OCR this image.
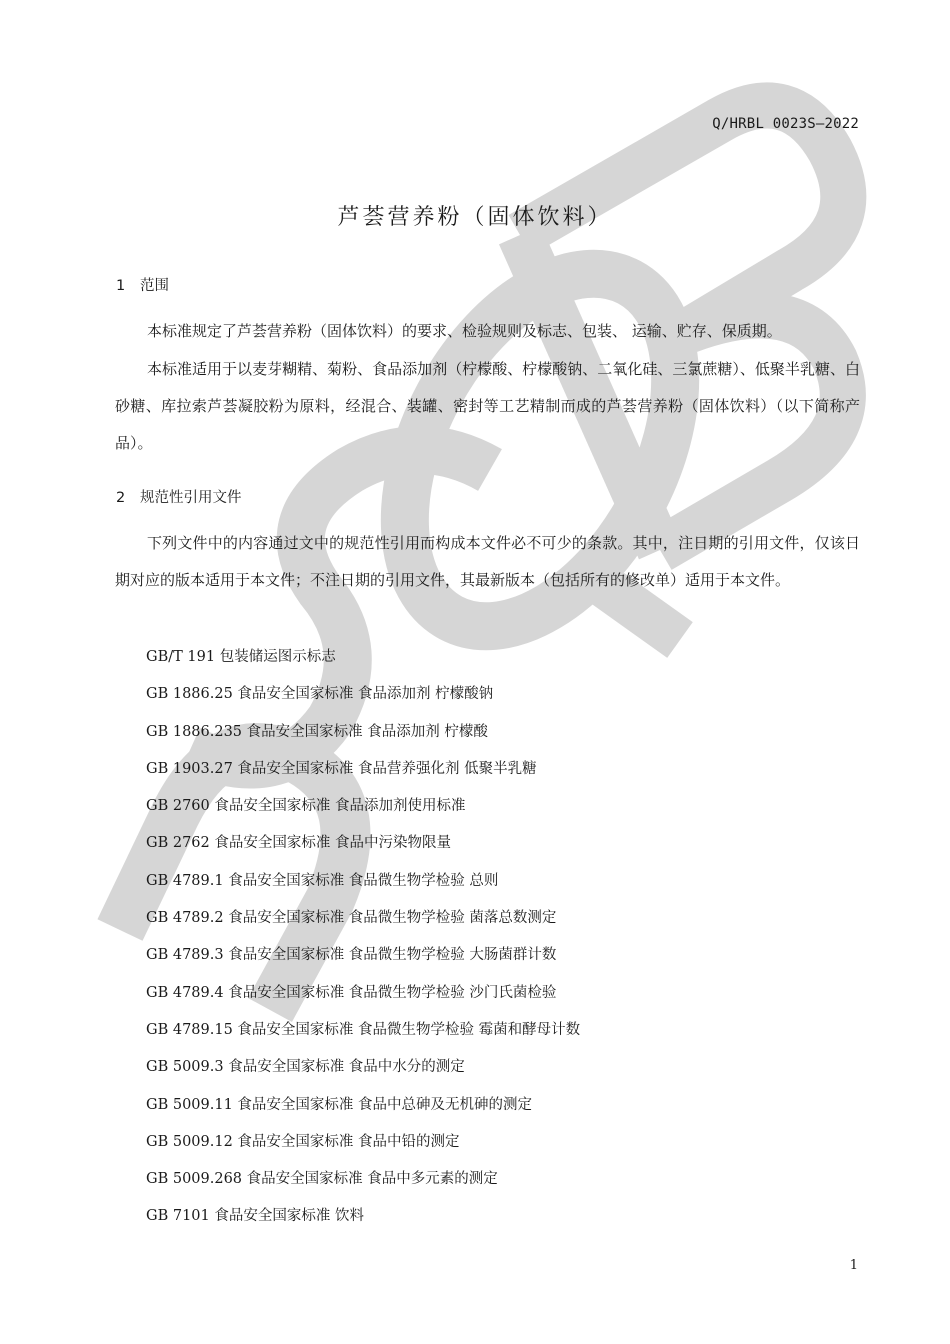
Q/HRBL 0023S—2022
芦荟营养粉（固体饮料）
1 范围

本标准规定了芦荟营养粉（固体饮料）的要求、检验规则及标志、包装、 运输、贮存、保质期。

本标准适用于以麦芽糊精、菊粉、食品添加剂（柠檬酸、柠檬酸钠、二氧化硅、三氯蔗糖）、低聚半乳糖、白砂糖、库拉索芦荟凝胶粉为原料，经混合、装罐、密封等工艺精制而成的芦荟营养粉（固体饮料）（以下简称产品）。

2 规范性引用文件

下列文件中的内容通过文中的规范性引用而构成本文件必不可少的条款。其中，注日期的引用文件，仅该日期对应的版本适用于本文件；不注日期的引用文件，其最新版本（包括所有的修改单）适用于本文件。

GB/T 191 包装储运图示标志
GB 1886.25 食品安全国家标准 食品添加剂 柠檬酸钠
GB 1886.235 食品安全国家标准 食品添加剂 柠檬酸
GB 1903.27 食品安全国家标准 食品营养强化剂 低聚半乳糖
GB 2760 食品安全国家标准 食品添加剂使用标准
GB 2762 食品安全国家标准 食品中污染物限量
GB 4789.1 食品安全国家标准 食品微生物学检验 总则
GB 4789.2 食品安全国家标准 食品微生物学检验 菌落总数测定
GB 4789.3 食品安全国家标准 食品微生物学检验 大肠菌群计数
GB 4789.4 食品安全国家标准 食品微生物学检验 沙门氏菌检验
GB 4789.15 食品安全国家标准 食品微生物学检验 霉菌和酵母计数
GB 5009.3 食品安全国家标准 食品中水分的测定
GB 5009.11 食品安全国家标准 食品中总砷及无机砷的测定
GB 5009.12 食品安全国家标准 食品中铅的测定
GB 5009.268 食品安全国家标准 食品中多元素的测定
GB 7101 食品安全国家标准 饮料
1
